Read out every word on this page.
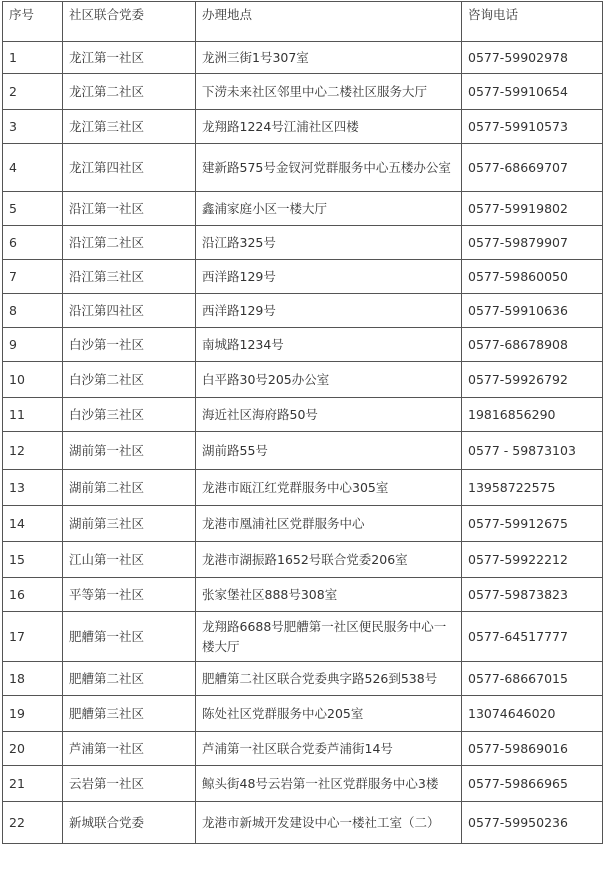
序号	社区联合党委	办理地点	咨询电话
1	龙江第一社区	龙洲三街1号307室	0577-59902978
2	龙江第二社区	下涝未来社区邻里中心二楼社区服务大厅	0577-59910654
3	龙江第三社区	龙翔路1224号江浦社区四楼	0577-59910573
4	龙江第四社区	建新路575号金钗河党群服务中心五楼办公室	0577-68669707
5	沿江第一社区	鑫浦家庭小区一楼大厅	0577-59919802
6	沿江第二社区	沿江路325号	0577-59879907
7	沿江第三社区	西洋路129号	0577-59860050
8	沿江第四社区	西洋路129号	0577-59910636
9	白沙第一社区	南城路1234号	0577-68678908
10	白沙第二社区	白平路30号205办公室	0577-59926792
11	白沙第三社区	海近社区海府路50号	19816856290
12	湖前第一社区	湖前路55号	0577 - 59873103
13	湖前第二社区	龙港市瓯江红党群服务中心305室	13958722575
14	湖前第三社区	龙港市凰浦社区党群服务中心	0577-59912675
15	江山第一社区	龙港市湖振路1652号联合党委206室	0577-59922212
16	平等第一社区	张家堡社区888号308室	0577-59873823
17	肥艚第一社区	龙翔路6688号肥艚第一社区便民服务中心一楼大厅	0577-64517777
18	肥艚第二社区	肥艚第二社区联合党委典字路526到538号	0577-68667015
19	肥艚第三社区	陈处社区党群服务中心205室	13074646020
20	芦浦第一社区	芦浦第一社区联合党委芦浦街14号	0577-59869016
21	云岩第一社区	鲸头街48号云岩第一社区党群服务中心3楼	0577-59866965
22	新城联合党委	龙港市新城开发建设中心一楼社工室（二）	0577-59950236
